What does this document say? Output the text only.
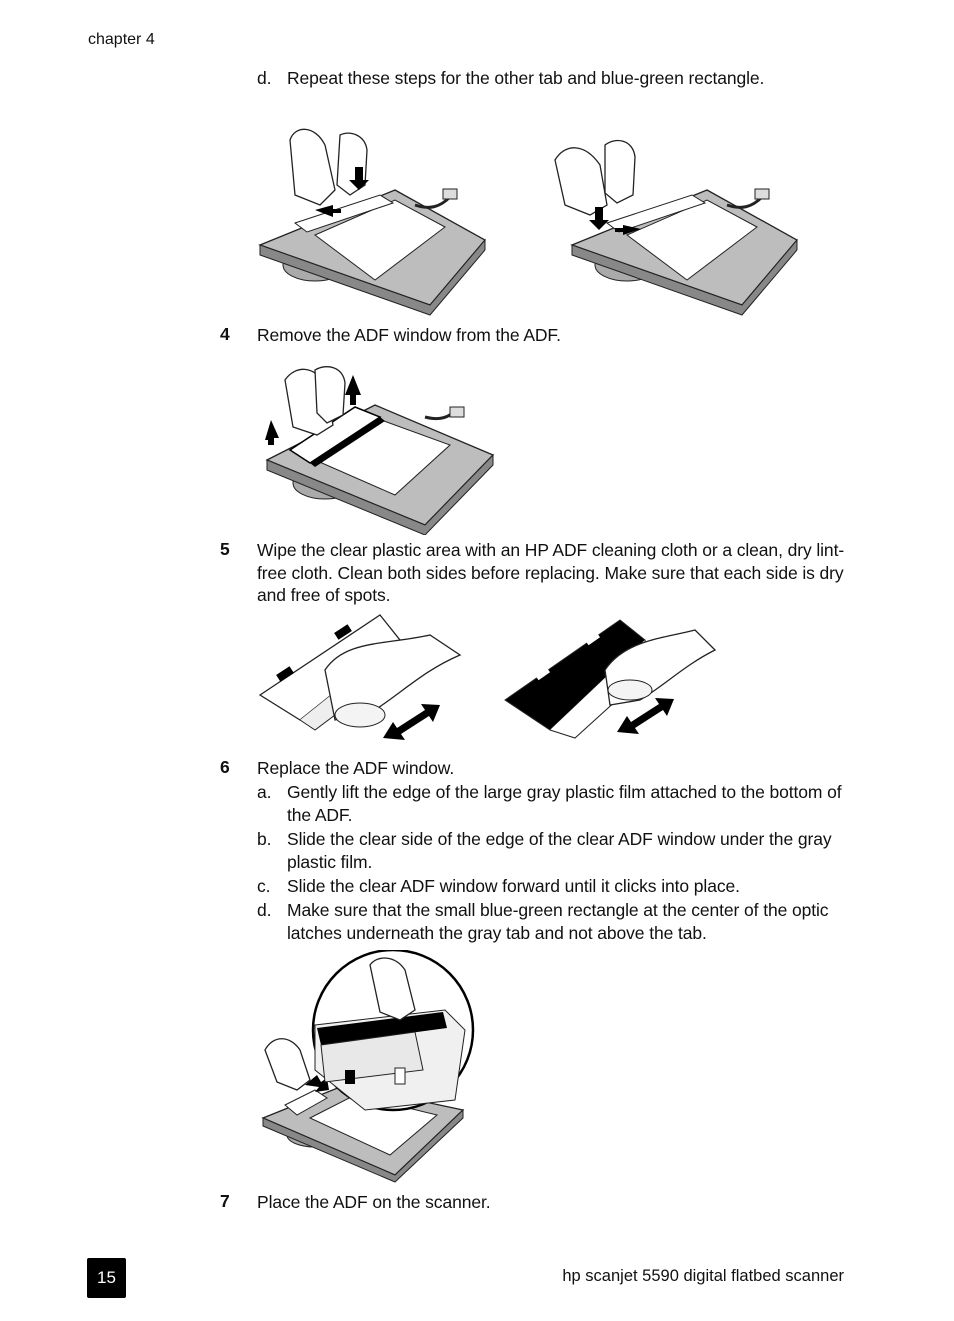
chapter 4
d. Repeat these steps for the other tab and blue-green rectangle.
4 Remove the ADF window from the ADF.
5 Wipe the clear plastic area with an HP ADF cleaning cloth or a clean, dry lint-free cloth. Clean both sides before replacing. Make sure that each side is dry and free of spots.
6 Replace the ADF window.
a. Gently lift the edge of the large gray plastic film attached to the bottom of the ADF.
b. Slide the clear side of the edge of the clear ADF window under the gray plastic film.
c. Slide the clear ADF window forward until it clicks into place.
d. Make sure that the small blue-green rectangle at the center of the optic latches underneath the gray tab and not above the tab.
7 Place the ADF on the scanner.
15	hp scanjet 5590 digital flatbed scanner
